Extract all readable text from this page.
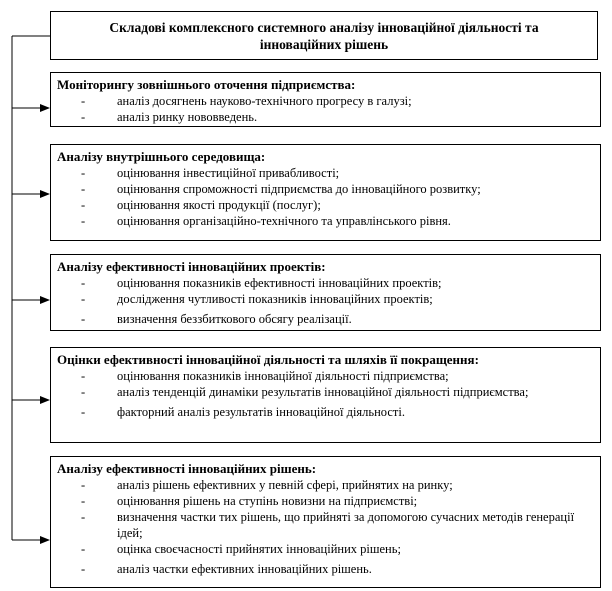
Складові комплексного системного аналізу інноваційної діяльності та
інноваційних рішень

Моніторингу зовнішнього оточення підприємства:

-	аналіз досягнень науково-технічного прогресу в галузі;
-	аналіз ринку нововведень.

Аналізу внутрішнього середовища:

-	оцінювання інвестиційної привабливості;
-	оцінювання спроможності підприємства до інноваційного розвитку;
-	оцінювання якості продукції (послуг);
-	оцінювання організаційно-технічного та управлінського рівня.

Аналізу ефективності інноваційних проектів:

-	оцінювання показників ефективності інноваційних проектів;
-	дослідження чутливості показників інноваційних проектів;
-	визначення беззбиткового обсягу реалізації.

Оцінки ефективності інноваційної діяльності та шляхів її покращення:

-	оцінювання показників інноваційної діяльності підприємства;
-	аналіз тенденцій динаміки результатів інноваційної діяльності підприємства;
-	факторний аналіз результатів інноваційної діяльності.

Аналізу ефективності інноваційних рішень:

-	аналіз рішень ефективних у певній сфері, прийнятих на ринку;
-	оцінювання рішень на ступінь новизни на підприємстві;
-	визначення частки тих рішень, що прийняті за допомогою сучасних методів генерації ідей;
-	оцінка своєчасності прийнятих інноваційних рішень;
-	аналіз частки ефективних інноваційних рішень.
